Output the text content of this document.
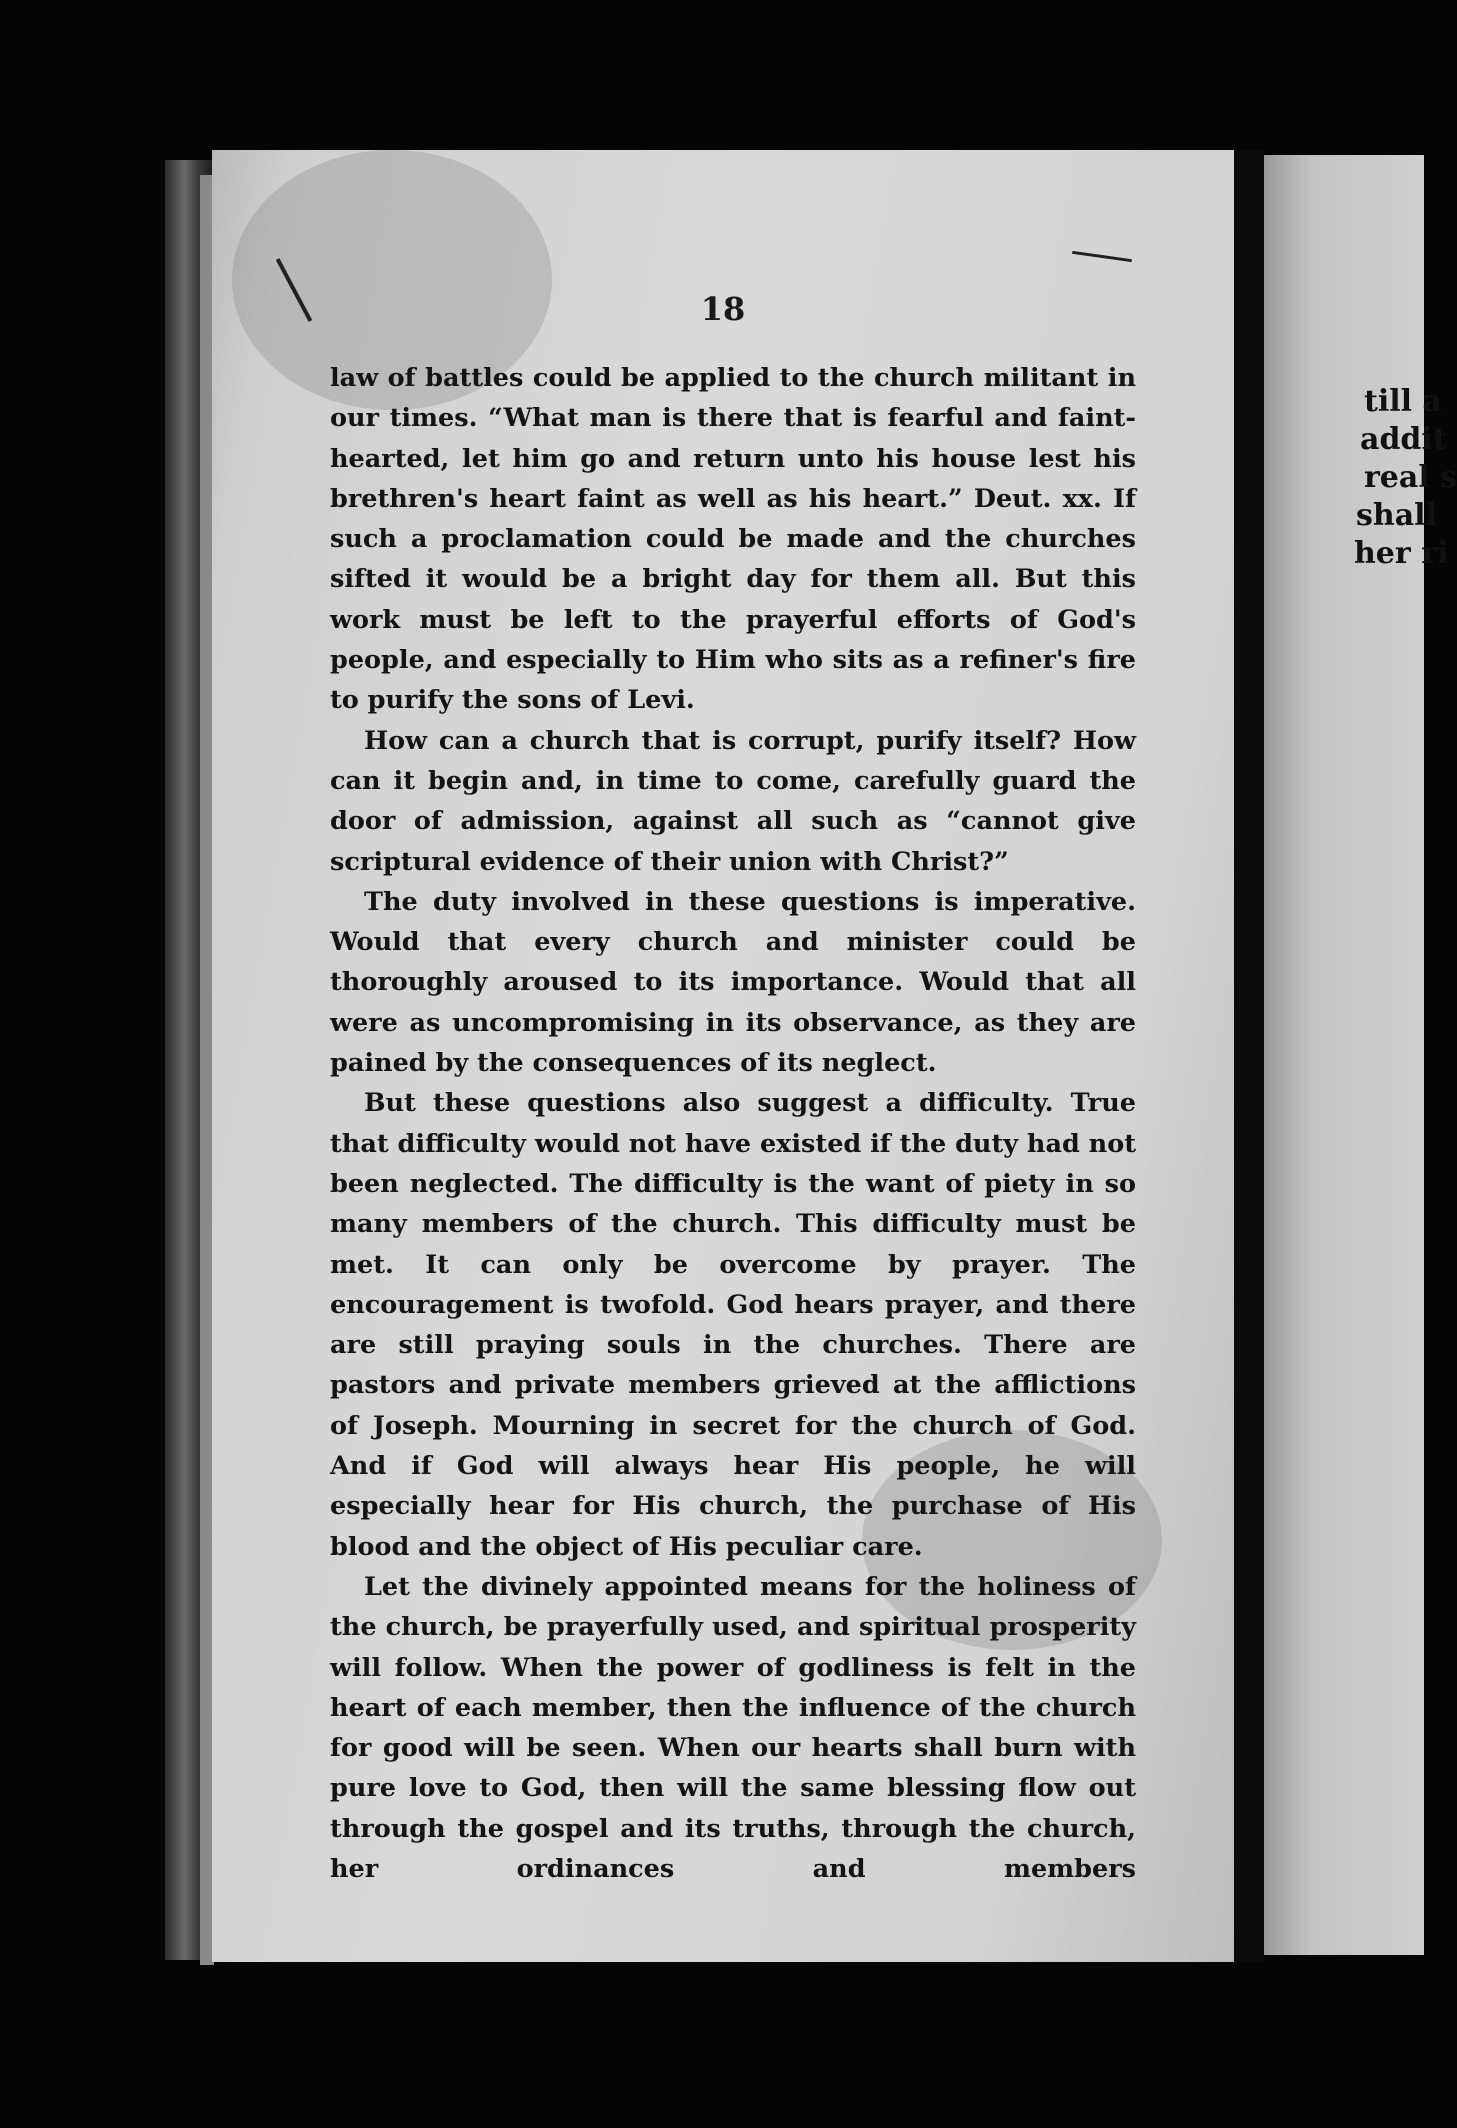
18

law of battles could be applied to the church militant in our times. “What man is there that is fearful and faint-hearted, let him go and return unto his house lest his brethren's heart faint as well as his heart.” Deut. xx. If such a proclamation could be made and the churches sifted it would be a bright day for them all. But this work must be left to the prayerful efforts of God's people, and especially to Him who sits as a refiner's fire to purify the sons of Levi.

How can a church that is corrupt, purify itself? How can it begin and, in time to come, carefully guard the door of admission, against all such as “cannot give scriptural evidence of their union with Christ?”

The duty involved in these questions is imperative. Would that every church and minister could be thoroughly aroused to its importance. Would that all were as uncompromising in its observance, as they are pained by the consequences of its neglect.

But these questions also suggest a difficulty. True that difficulty would not have existed if the duty had not been neglected. The difficulty is the want of piety in so many members of the church. This difficulty must be met. It can only be overcome by prayer. The encouragement is twofold. God hears prayer, and there are still praying souls in the churches. There are pastors and private members grieved at the afflictions of Joseph. Mourning in secret for the church of God. And if God will always hear His people, he will especially hear for His church, the purchase of His blood and the object of His peculiar care.

Let the divinely appointed means for the holiness of the church, be prayerfully used, and spiritual prosperity will follow. When the power of godliness is felt in the heart of each member, then the influence of the church for good will be seen. When our hearts shall burn with pure love to God, then will the same blessing flow out through the gospel and its truths, through the church, her ordinances and members

till a
addit
real s
shall
her ri
